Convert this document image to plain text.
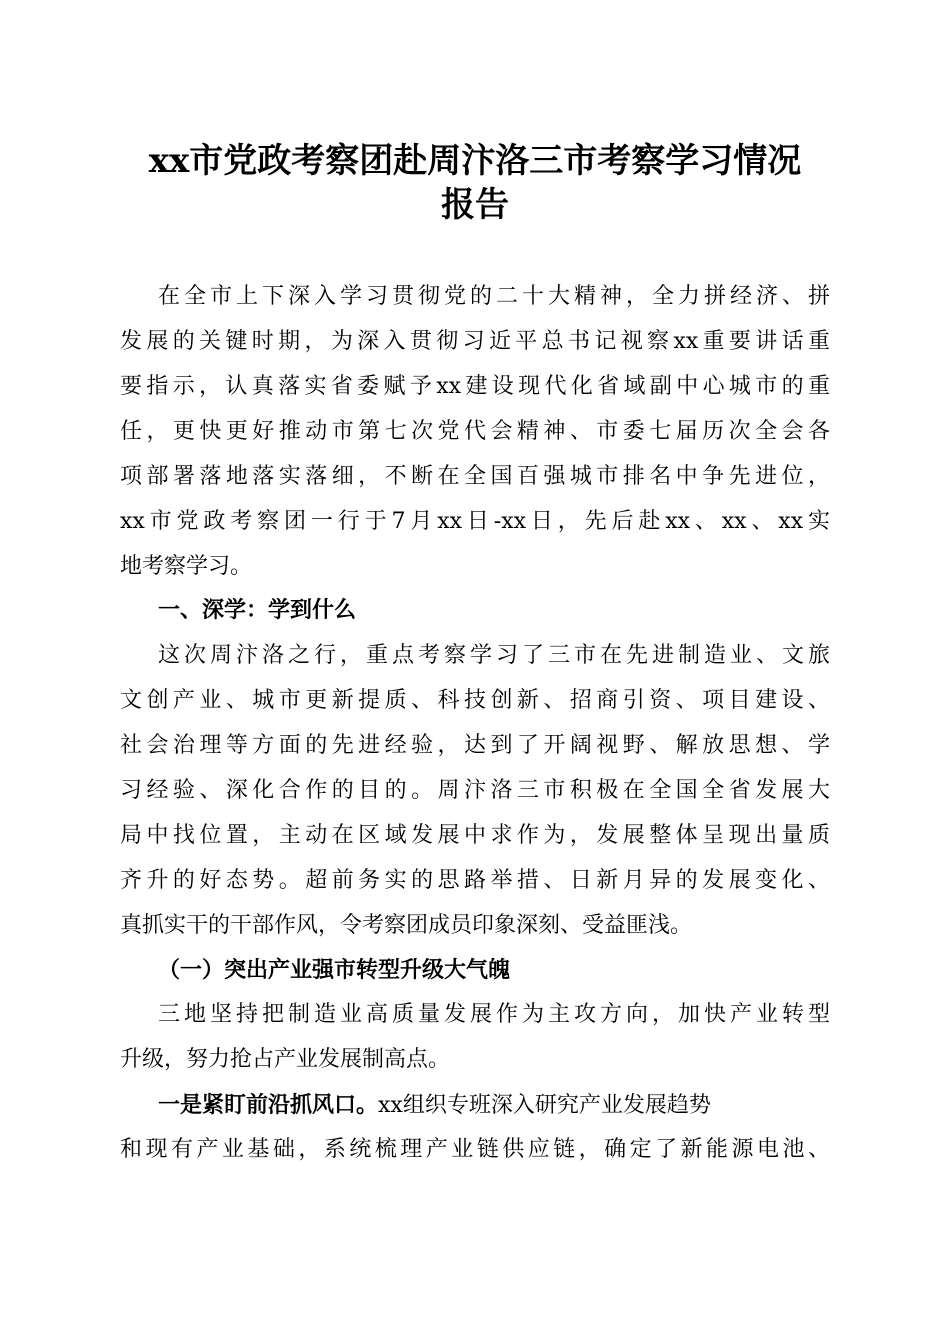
xx市党政考察团赴周汴洛三市考察学习情况
报告
在全市上下深入学习贯彻党的二十大精神，全力拼经济、拼
发展的关键时期，为深入贯彻习近平总书记视察xx重要讲话重
要指示，认真落实省委赋予xx建设现代化省域副中心城市的重
任，更快更好推动市第七次党代会精神、市委七届历次全会各
项部署落地落实落细，不断在全国百强城市排名中争先进位，
xx市党政考察团一行于7月xx日-xx日，先后赴xx、xx、xx实
地考察学习。
一、深学：学到什么
这次周汴洛之行，重点考察学习了三市在先进制造业、文旅
文创产业、城市更新提质、科技创新、招商引资、项目建设、
社会治理等方面的先进经验，达到了开阔视野、解放思想、学
习经验、深化合作的目的。周汴洛三市积极在全国全省发展大
局中找位置，主动在区域发展中求作为，发展整体呈现出量质
齐升的好态势。超前务实的思路举措、日新月异的发展变化、
真抓实干的干部作风，令考察团成员印象深刻、受益匪浅。
（一）突出产业强市转型升级大气魄
三地坚持把制造业高质量发展作为主攻方向，加快产业转型
升级，努力抢占产业发展制高点。
一是紧盯前沿抓风口。xx组织专班深入研究产业发展趋势
和现有产业基础，系统梳理产业链供应链，确定了新能源电池、
